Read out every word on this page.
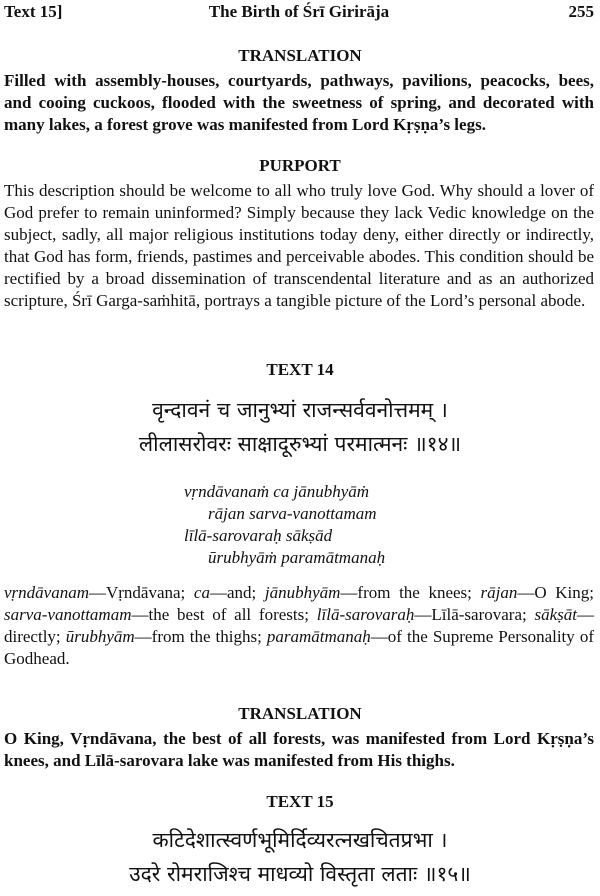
Text 15]	The Birth of Śrī Girirāja	255
TRANSLATION
Filled with assembly-houses, courtyards, pathways, pavilions, peacocks, bees, and cooing cuckoos, flooded with the sweetness of spring, and decorated with many lakes, a forest grove was manifested from Lord Kṛṣṇa’s legs.
PURPORT
This description should be welcome to all who truly love God. Why should a lover of God prefer to remain uninformed? Simply because they lack Vedic knowledge on the subject, sadly, all major religious institutions today deny, either directly or indirectly, that God has form, friends, pastimes and perceivable abodes. This condition should be rectified by a broad dissemination of transcendental literature and as an authorized scripture, Śrī Garga-saṁhitā, portrays a tangible picture of the Lord’s personal abode.
TEXT 14
वृन्दावनं च जानुभ्यां राजन्सर्ववनोत्तमम् ।
लीलासरोवरः साक्षादूरुभ्यां परमात्मनः ॥१४॥
vṛndāvanaṁ ca jānubhyāṁ
rājan sarva-vanottamam
līlā-sarovaraḥ sākṣād
ūrubhyāṁ paramātmanaḥ
vṛndāvanam—Vṛndāvana; ca—and; jānubhyām—from the knees; rājan—O King; sarva-vanottamam—the best of all forests; līlā-sarovaraḥ—Līlā-sarovara; sākṣāt—directly; ūrubhyām—from the thighs; paramātmanaḥ—of the Supreme Personality of Godhead.
TRANSLATION
O King, Vṛndāvana, the best of all forests, was manifested from Lord Kṛṣṇa’s knees, and Līlā-sarovara lake was manifested from His thighs.
TEXT 15
कटिदेशात्स्वर्णभूमिर्दिव्यरत्नखचितप्रभा ।
उदरे रोमराजिश्च माधव्यो विस्तृता लताः ॥१५॥
